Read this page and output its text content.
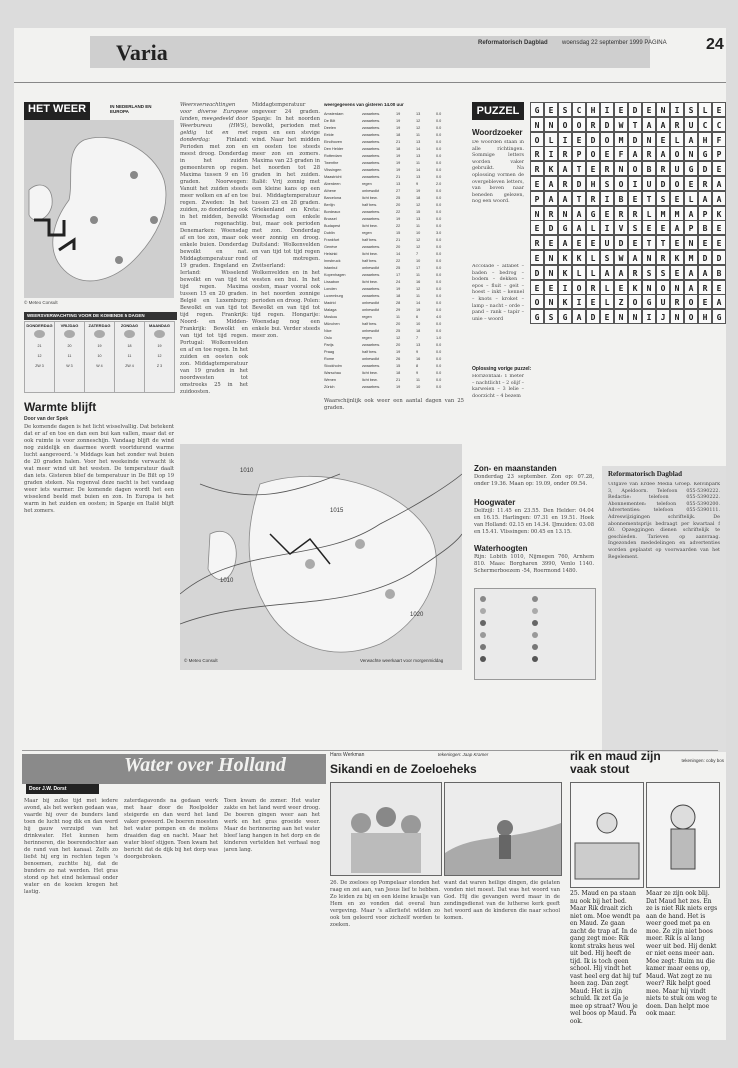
Varia	Reformatorisch Dagblad woensdag 22 september 1999 PAGINA 24
HET WEER	IN NEDERLAND EN EUROPA
© Meteo Consult
WEERSVERWACHTING VOOR DE KOMENDE 5 DAGEN
DONDERDAG
21
12
ZW 3
VRIJDAG
20
11
W 3
ZATERDAG
19
10
W 4
ZONDAG
18
11
ZW 4
MAANDAG
19
12
Z 3
Warmte blijft
Door van der Spek

De komende dagen is het licht wisselvallig. Dat betekent dat er af en toe en dan een bui kan vallen, maar dat er ook ruimte is voor zonneschijn. Vandaag blijft de wind nog zuidelijk en daarmee wordt voortdurend warme lucht aangevoerd. 's Middags kan het zonder wat buien de 20 graden halen. Voor het weekeinde verwacht ik wat meer wind uit het westen. De temperatuur daalt dan iets. Gisteren blief de temperatuur in De Bilt op 19 graden steken. Na regenval deze nacht is het vandaag weer iets warmer. De komende dagen wordt het een wisselend beeld met buien en zon. In Europa is het warm in het zuiden en oosten; in Spanje en Italië blijft het zomers.

Weersverwachtingen voor diverse Europese landen, meegedeeld door Weerbureau (HWS), geldig tot en met donderdag:	Finland: Perioden met zon en meest droog. Donderdag in het zuiden gemeenteren op regen. Maxima tussen 9 en 16 graden. Noorwegen: Vanuit het zuiden steeds meer wolken en af en toe regen. Zweden: In het zuiden, zo donderdag ook in het midden, bewolkt en regenachtig. Denemarken: Woensdag af en toe zon, maar ook enkele buien. Donderdag bewolkt en nat. Middagtemperatuur rond 19 graden. Engeland en Ierland: Wisselend bewolkt en van tijd tot tijd regen. Maxima tussen 15 en 20 graden. België en Luxemburg: Bewolkt en van tijd tot tijd regen. Frankrijk: Noord- en Midden-Frankrijk: Bewolkt en van tijd tot tijd regen. Portugal: Wolkenvelden en af en toe regen. In het zuiden en oosten ook zon. Middagtemperatuur van 19 graden in het noordwesten tot omstreeks 25 in het zuidoosten.

Middagtemperatuur ongeveer 24 graden. Spanje: In het noorden bewolkt, perioden met regen en een stevige wind. Naar het midden en oosten toe steeds meer zon en zomers. Maxima van 23 graden in het noorden tot 28 graden in het zuiden. Italië: Vrij zonnig met een kleine kans op een bui. Middagtemperatuur tussen 23 en 28 graden. Griekenland en Kreta: Woensdag een enkele bui, maar ook perioden met zon. Donderdag weer zonnig en droog. Duitsland: Wolkenvelden en van tijd tot tijd regen of motregen. Zwitserland: Wolkenvelden en in het westen een bui. In het oosten, maar vooral ook in het noorden zonnige perioden en droog. Polen: Bewolkt en van tijd tot tijd regen. Hongarije: Woensdag nog een enkele bui. Verder steeds meer zon.

weergegevens van gisteren 14.00 uur
Amsterdam	zwaarbew.	19	13	0.0
De Bilt	zwaarbew.	19	12	0.0
Deelen	zwaarbew.	19	12	0.0
Eelde	zwaarbew.	18	11	0.0
Eindhoven	zwaarbew.	21	13	0.0
Den Helder	zwaarbew.	18	14	0.0
Rotterdam	zwaarbew.	19	13	0.0
Twenthe	zwaarbew.	19	11	0.0
Vlissingen	zwaarbew.	19	14	0.0
Maastricht	zwaarbew.	21	13	0.0
Aberdeen	regen	13	9	2.0
Athene	onbewolkt	27	19	0.0
Barcelona	licht bew.	25	18	0.0
Berlijn	half bew.	20	12	0.0
Bordeaux	zwaarbew.	22	15	0.0
Brussel	zwaarbew.	19	13	0.0
Budapest	licht bew.	22	11	0.0
Dublin	regen	15	10	3.0
Frankfurt	half bew.	21	12	0.0
Genève	zwaarbew.	20	12	0.0
Helsinki	licht bew.	14	7	0.0
Innsbruck	half bew.	22	10	0.0
Istanbul	onbewolkt	25	17	0.0
Kopenhagen	zwaarbew.	17	11	0.0
Lissabon	licht bew.	24	16	0.0
Londen	zwaarbew.	19	12	0.0
Luxemburg	zwaarbew.	18	11	0.0
Madrid	onbewolkt	28	14	0.0
Malaga	onbewolkt	29	19	0.0
Moskou	regen	11	6	4.0
München	half bew.	20	10	0.0
Nice	onbewolkt	25	18	0.0
Oslo	regen	12	7	1.0
Parijs	zwaarbew.	20	13	0.0
Praag	half bew.	19	9	0.0
Rome	onbewolkt	26	16	0.0
Stockholm	zwaarbew.	15	8	0.0
Warschau	licht bew.	18	9	0.0
Wenen	licht bew.	21	11	0.0
Zürich	zwaarbew.	19	10	0.0

Waarschijnlijk ook weer een aantal dagen van 25 graden.

1010
1010
1015
1020
© Meteo Consult	Verwachte weerkaart voor morgenmiddag
PUZZEL
Woordzoeker

De woorden staan in alle richtingen. Sommige letters worden vaker gebruikt. Na oplossing vormen de overgebleven letters, van boven naar beneden gelezen, nog een woord.

Accolade – alfabet – baden – bedrog – bodem – dekken – epos – fluit – geit – hoest – inkt – kennel – knots – kroket – lamp – nacht – orde – pand – rank – tapir – unie – woord

Oplossing vorige puzzel:

Horizontaal: 1 meter – nachtlicht – 2 olijf – karweien – 3 lelie – doorzicht – 4 bezem

G	E	S	C	H	I	E	D	E	N	I	S	L	E
N	N	O	O	R	D	W	T	A	A	R	U	C	C
O	L	I	E	D	O	M	D	N	E	L	A	H	F
R	I	R	P	O	E	F	A	R	A	O	N	G	P
R	K	A	T	E	R	N	O	B	R	U	G	D	E
E	A	R	D	H	S	O	I	U	D	O	E	R	A
P	A	A	T	R	I	B	E	T	S	E	L	A	A
N	R	N	A	G	E	R	R	L	M	M	A	P	K
E	D	G	A	L	I	V	S	E	E	A	P	B	E
R	E	A	E	E	U	D	E	T	T	E	N	E	E
E	N	K	K	L	S	W	A	N	R	K	M	D	D
D	N	K	L	L	A	A	R	S	S	E	A	A	B
E	E	I	O	R	L	E	K	N	O	N	A	R	E
O	N	K	I	E	L	Z	O	G	U	R	O	E	A
G	S	G	A	D	E	N	N	I	J	N	O	H	G
Zon- en maanstanden

Donderdag 23 september. Zon op: 07.28, onder 19.36. Maan op: 19.09, onder 09.54.

Hoogwater

Delfzijl: 11.45 en 23.55. Den Helder: 04.04 en 16.15. Harlingen: 07.31 en 19.51. Hoek van Holland: 02.15 en 14.34. IJmuiden: 03.08 en 15.41. Vlissingen: 00.45 en 13.15.

Waterhoogten

Rijn: Lobith 1010, Nijmegen 760, Arnhem 810. Maas: Borgharen 3990, Venlo 1140. Schermerboezem -54, Roermond 1480.

Reformatorisch Dagblad

Uitgave van Erdee Media Groep. Kelvinpark 3, Apeldoorn. Telefoon 055-5390222. Redactie: telefoon 055-5390222. Abonnementen: telefoon 055-5390200. Advertenties: telefoon 055-5390111. Adreswijzigingen schriftelijk. De abonnementsprijs bedraagt per kwartaal f 60. Opzeggingen dienen schriftelijk te geschieden. Tarieven op aanvraag. Ingezonden mededelingen en advertenties worden geplaatst op voorwaarden van het Regelement.

Water over Holland
Door J.W. Dorst

Maar bij zulke tijd met iedere avond, als het werken gedaan was, vaarde hij over de bunders land toen de lucht nog dik en dan werd hij gauw verzuipd van het drinkwater. Het kunnen hem herinneren, die boerendochter aan de rand van het kanaal. Zelfs zo liefst hij erg in rechten tegen 's benoemen, zuchtte hij, dat de bunders zo nat werden. Het gras stond op het eind helemaal onder water en de koeien kregen het lastig.

zaterdagavonds na gedaan werk met haar door de Roelpolder steigerde en dan werd het land vaker geweerd. De boeren moesten het water pompen en de molens draaiden dag en nacht. Maar het water bleef stijgen. Toen kwam het bericht dat de dijk bij het dorp was doorgebroken.

Toen kwam de zomer. Het water zakte en het land werd weer droog. De boeren gingen weer aan het werk en het gras groeide weer. Maar de herinnering aan het water bleef lang hangen in het dorp en de kinderen vertelden het verhaal nog jaren lang.

Hans Werkman	tekeningen: Jaap Kramer
Sikandi en de Zoeloeheks

26. De zoeloes op Pompelaar stonden het raag en zei aan, van Jesus lief te hebben. Zo leiden zu bij en een kleine kraalje van Hem en zo vonden dat overal hun vergeving. Maar 's allerliefst wilden zo ook ten geleerd voor zichzelf worden te zoeken.

want dat waren heilige dingen, die gelaten vonden niet moest. Dat was het woord van God. Hij die gevangen werd maar in de zendingsdienst van de lutherse kerk geeft het woord aan de kinderen die naar school komen.

rik en maud zijn vaak stout
tekeningen: coby bos

25. Maud en pa staan nu ook bij het bed. Maar Rik draait zich niet om. Moe wendt pa en Maud. Ze gaan zacht de trap af. In de gang zegt moe: Rik komt straks heus wel uit bed. Hij heeft de tijd. Ik is toch geen school. Hij vindt het vast heel erg dat hij tuf heen zag. Dan zegt Maud: Het is zijn schuld. Ik zet Ga je mee op straat? Wou je wel boos op Maud. Pa ook.

Maar ze zijn ook blij. Dat Maud het zes. En ze is niet Rik niets ergs aan de hand. Het is weer goed met pa en moe. Ze zijn niet boos meer. Rik is al lang weer uit bed. Hij denkt er niet eens meer aan. Moe zegt: Ruim nu die kamer maar eens op, Maud. Wat zegt ze nu weer? Rik helpt goed mee. Maar hij vindt niets te stuk om weg te doen. Dan helpt moe ook maar.
